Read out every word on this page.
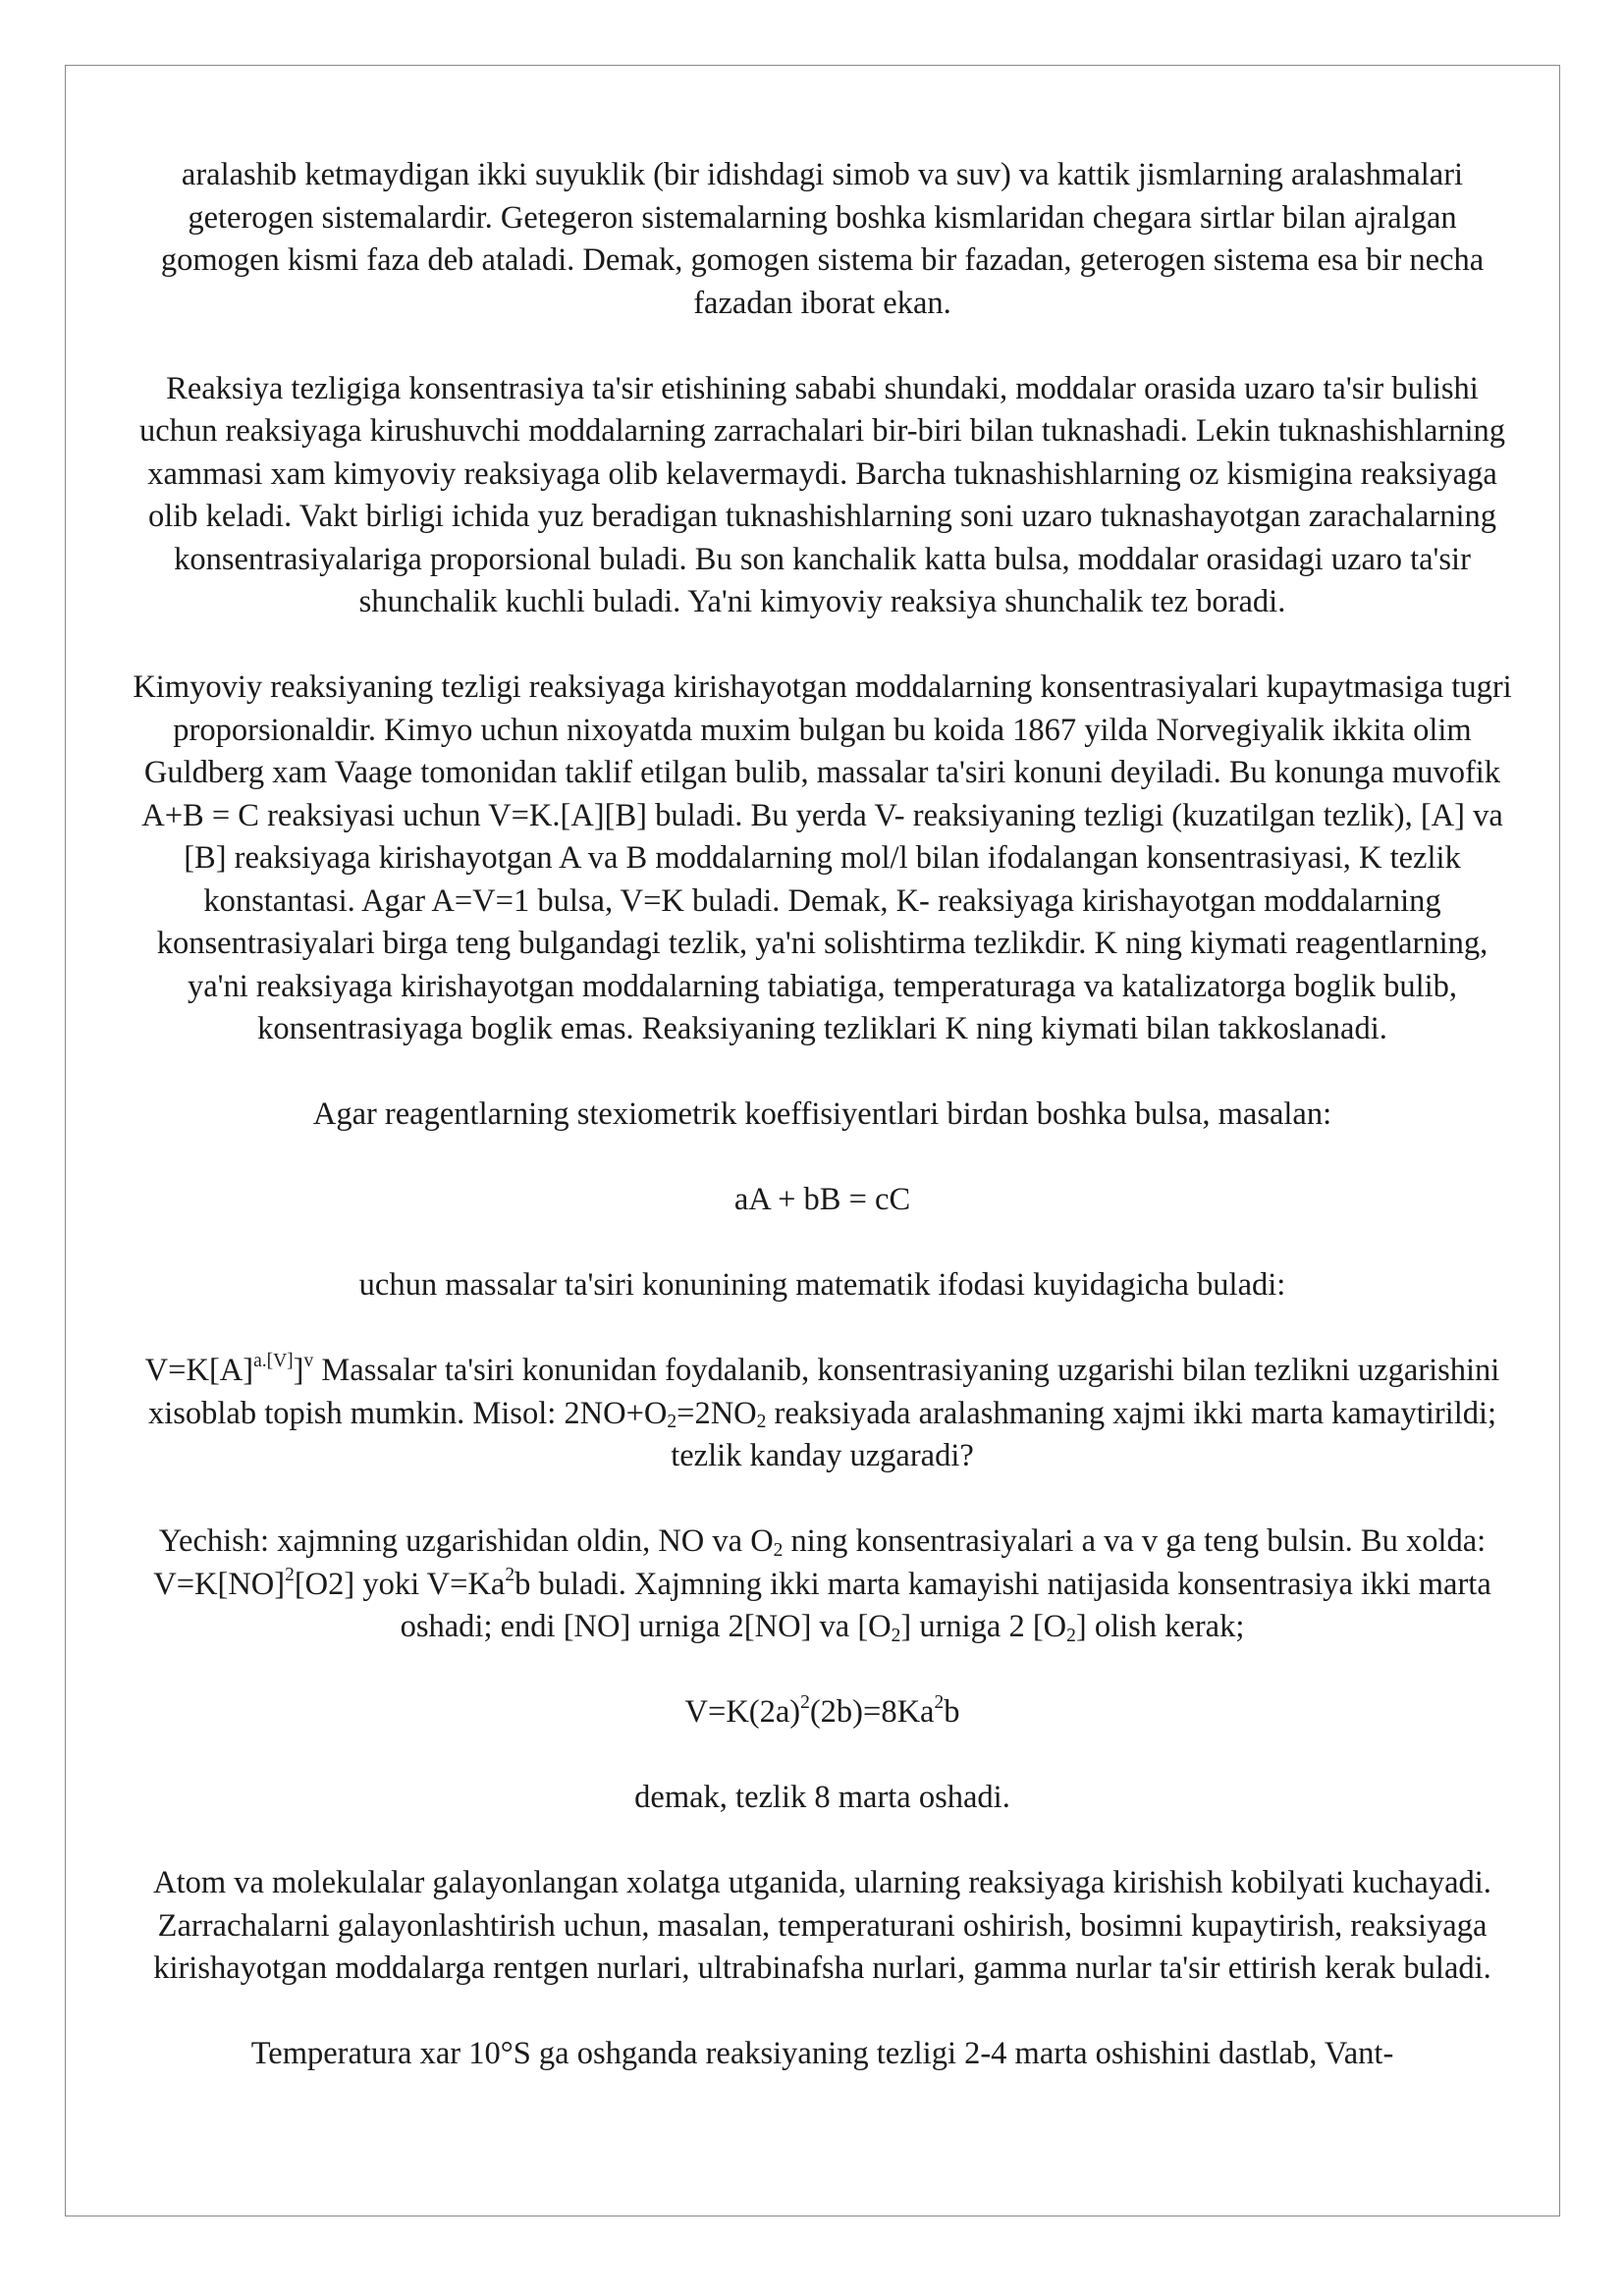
aralashib ketmaydigan ikki suyuklik (bir idishdagi simob va suv) va kattik jismlarning aralashmalari geterogen sistemalardir. Getegeron sistemalarning boshka kismlaridan chegara sirtlar bilan ajralgan gomogen kismi faza deb ataladi. Demak, gomogen sistema bir fazadan, geterogen sistema esa bir necha fazadan iborat ekan.

Reaksiya tezligiga konsentrasiya ta'sir etishining sababi shundaki, moddalar orasida uzaro ta'sir bulishi uchun reaksiyaga kirushuvchi moddalarning zarrachalari bir-biri bilan tuknashadi. Lekin tuknashishlarning xammasi xam kimyoviy reaksiyaga olib kelavermaydi. Barcha tuknashishlarning oz kismigina reaksiyaga olib keladi. Vakt birligi ichida yuz beradigan tuknashishlarning soni uzaro tuknashayotgan zarachalarning konsentrasiyalariga proporsional buladi. Bu son kanchalik katta bulsa, moddalar orasidagi uzaro ta'sir shunchalik kuchli buladi. Ya'ni kimyoviy reaksiya shunchalik tez boradi.

Kimyoviy reaksiyaning tezligi reaksiyaga kirishayotgan moddalarning konsentrasiyalari kupaytmasiga tugri proporsionaldir. Kimyo uchun nixoyatda muxim bulgan bu koida 1867 yilda Norvegiyalik ikkita olim Guldberg xam Vaage tomonidan taklif etilgan bulib, massalar ta'siri konuni deyiladi. Bu konunga muvofik A+B = C reaksiyasi uchun V=K.[A][B] buladi. Bu yerda V- reaksiyaning tezligi (kuzatilgan tezlik), [A] va [B] reaksiyaga kirishayotgan A va B moddalarning mol/l bilan ifodalangan konsentrasiyasi, K tezlik konstantasi. Agar A=V=1 bulsa, V=K buladi. Demak, K- reaksiyaga kirishayotgan moddalarning konsentrasiyalari birga teng bulgandagi tezlik, ya'ni solishtirma tezlikdir. K ning kiymati reagentlarning, ya'ni reaksiyaga kirishayotgan moddalarning tabiatiga, temperaturaga va katalizatorga boglik bulib, konsentrasiyaga boglik emas. Reaksiyaning tezliklari K ning kiymati bilan takkoslanadi.

Agar reagentlarning stexiometrik koeffisiyentlari birdan boshka bulsa, masalan:

aA + bB = cC

uchun massalar ta'siri konunining matematik ifodasi kuyidagicha buladi:

$V=K[A]^{a.[V]}]^v$ Massalar ta'siri konunidan foydalanib, konsentrasiyaning uzgarishi bilan tezlikni uzgarishini xisoblab topish mumkin. Misol: $2NO+O_2=2NO_2$ reaksiyada aralashmaning xajmi ikki marta kamaytirildi; tezlik kanday uzgaradi?

Yechish: xajmning uzgarishidan oldin, NO va $O_2$ ning konsentrasiyalari a va v ga teng bulsin. Bu xolda: V=K[NO]$^2$[O2] yoki $V=Ka^2b$ buladi. Xajmning ikki marta kamayishi natijasida konsentrasiya ikki marta oshadi; endi [NO] urniga 2[NO] va $[O_2]$ urniga 2 $[O_2]$ olish kerak;

$V=K(2a)^2(2b)=8Ka^2b$

demak, tezlik 8 marta oshadi.

Atom va molekulalar galayonlangan xolatga utganida, ularning reaksiyaga kirishish kobilyati kuchayadi. Zarrachalarni galayonlashtirish uchun, masalan, temperaturani oshirish, bosimni kupaytirish, reaksiyaga kirishayotgan moddalarga rentgen nurlari, ultrabinafsha nurlari, gamma nurlar ta'sir ettirish kerak buladi.

Temperatura xar 10°S ga oshganda reaksiyaning tezligi 2-4 marta oshishini dastlab, Vant-
